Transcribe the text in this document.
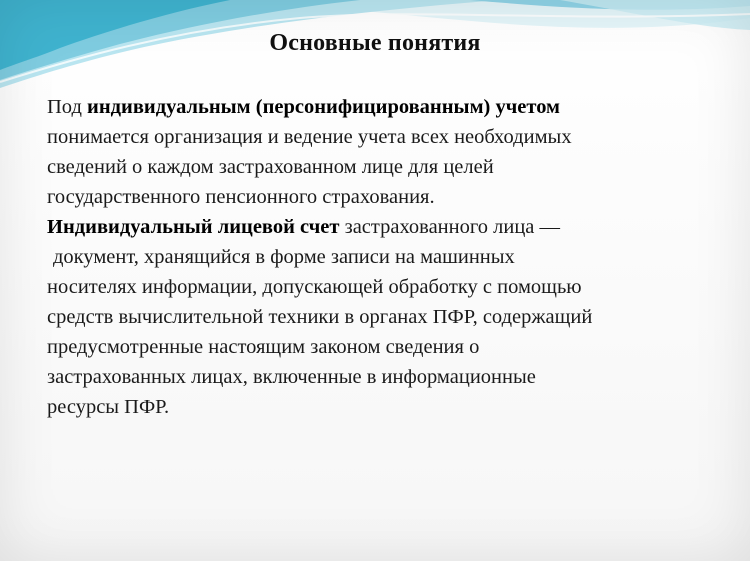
Основные понятия

Под индивидуальным (персонифицированным) учетом
понимается организация и ведение учета всех необходимых
сведений о каждом застрахованном лице для целей
государственного пенсионного страхования.

Индивидуальный лицевой счет застрахованного лица —
документ, хранящийся в форме записи на машинных
носителях информации, допускающей обработку с помощью
средств вычислительной техники в органах ПФР, содержащий
предусмотренные настоящим законом сведения о
застрахованных лицах, включенные в информационные
ресурсы ПФР.
